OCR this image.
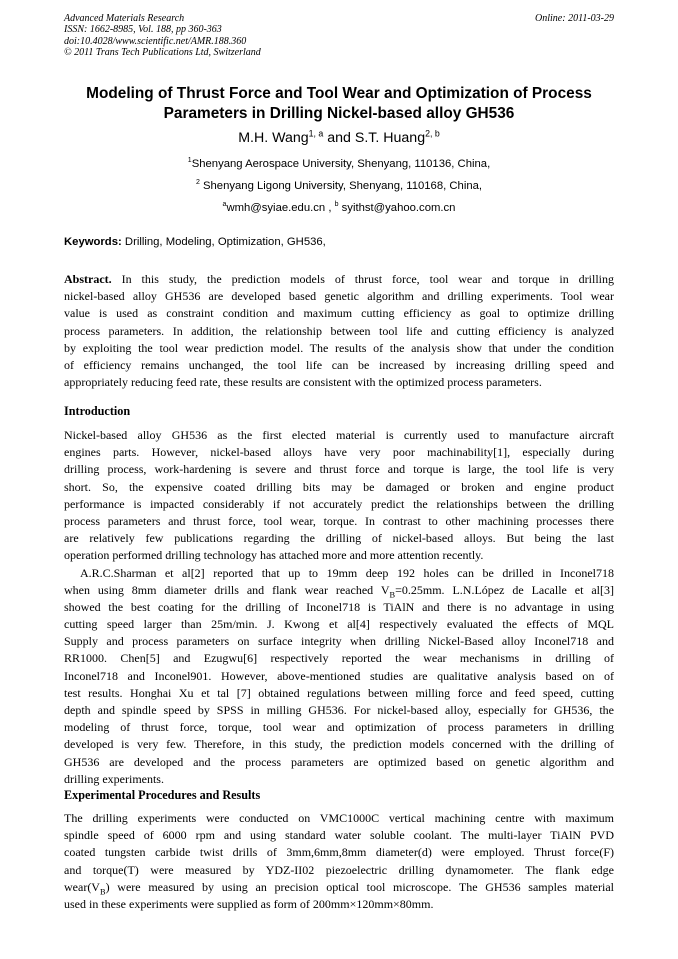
Advanced Materials Research
ISSN: 1662-8985, Vol. 188, pp 360-363
doi:10.4028/www.scientific.net/AMR.188.360
© 2011 Trans Tech Publications Ltd, Switzerland
Online: 2011-03-29
Modeling of Thrust Force and Tool Wear and Optimization of Process
Parameters in Drilling Nickel-based alloy GH536
M.H. Wang$^{1, a}$ and S.T. Huang$^{2, b}$
$^1$Shenyang Aerospace University, Shenyang, 110136, China,
$^2$ Shenyang Ligong University, Shenyang, 110168, China,
$^a$wmh@syiae.edu.cn , $^b$ syithst@yahoo.com.cn
Keywords: Drilling, Modeling, Optimization, GH536,
Abstract. In this study, the prediction models of thrust force, tool wear and torque in drilling
nickel-based alloy GH536 are developed based genetic algorithm and drilling experiments. Tool wear
value is used as constraint condition and maximum cutting efficiency as goal to optimize drilling
process parameters. In addition, the relationship between tool life and cutting efficiency is analyzed
by exploiting the tool wear prediction model. The results of the analysis show that under the condition
of efficiency remains unchanged, the tool life can be increased by increasing drilling speed and
appropriately reducing feed rate, these results are consistent with the optimized process parameters.
Introduction
Nickel-based alloy GH536 as the first elected material is currently used to manufacture aircraft
engines parts. However, nickel-based alloys have very poor machinability[1], especially during
drilling process, work-hardening is severe and thrust force and torque is large, the tool life is very
short. So, the expensive coated drilling bits may be damaged or broken and engine product
performance is impacted considerably if not accurately predict the relationships between the drilling
process parameters and thrust force, tool wear, torque. In contrast to other machining processes there
are relatively few publications regarding the drilling of nickel-based alloys. But being the last
operation performed drilling technology has attached more and more attention recently.
A.R.C.Sharman et al[2] reported that up to 19mm deep 192 holes can be drilled in Inconel718
when using 8mm diameter drills and flank wear reached $V_B=0.25mm$. L.N.López de Lacalle et al[3]
showed the best coating for the drilling of Inconel718 is TiAlN and there is no advantage in using
cutting speed larger than 25m/min. J. Kwong et al[4] respectively evaluated the effects of MQL
Supply and process parameters on surface integrity when drilling Nickel-Based alloy Inconel718 and
RR1000. Chen[5] and Ezugwu[6] respectively reported the wear mechanisms in drilling of
Inconel718 and Inconel901. However, above-mentioned studies are qualitative analysis based on of
test results. Honghai Xu et tal [7] obtained regulations between milling force and feed speed, cutting
depth and spindle speed by SPSS in milling GH536. For nickel-based alloy, especially for GH536, the
modeling of thrust force, torque, tool wear and optimization of process parameters in drilling
developed is very few. Therefore, in this study, the prediction models concerned with the drilling of
GH536 are developed and the process parameters are optimized based on genetic algorithm and
drilling experiments.
Experimental Procedures and Results
The drilling experiments were conducted on VMC1000C vertical machining centre with maximum
spindle speed of 6000 rpm and using standard water soluble coolant. The multi-layer TiAlN PVD
coated tungsten carbide twist drills of 3mm,6mm,8mm diameter(d) were employed. Thrust force(F)
and torque(T) were measured by YDZ-II02 piezoelectric drilling dynamometer. The flank edge
$wear(V_B)$ were measured by using an precision optical tool microscope. The GH536 samples material
used in these experiments were supplied as form of 200mm×120mm×80mm.
